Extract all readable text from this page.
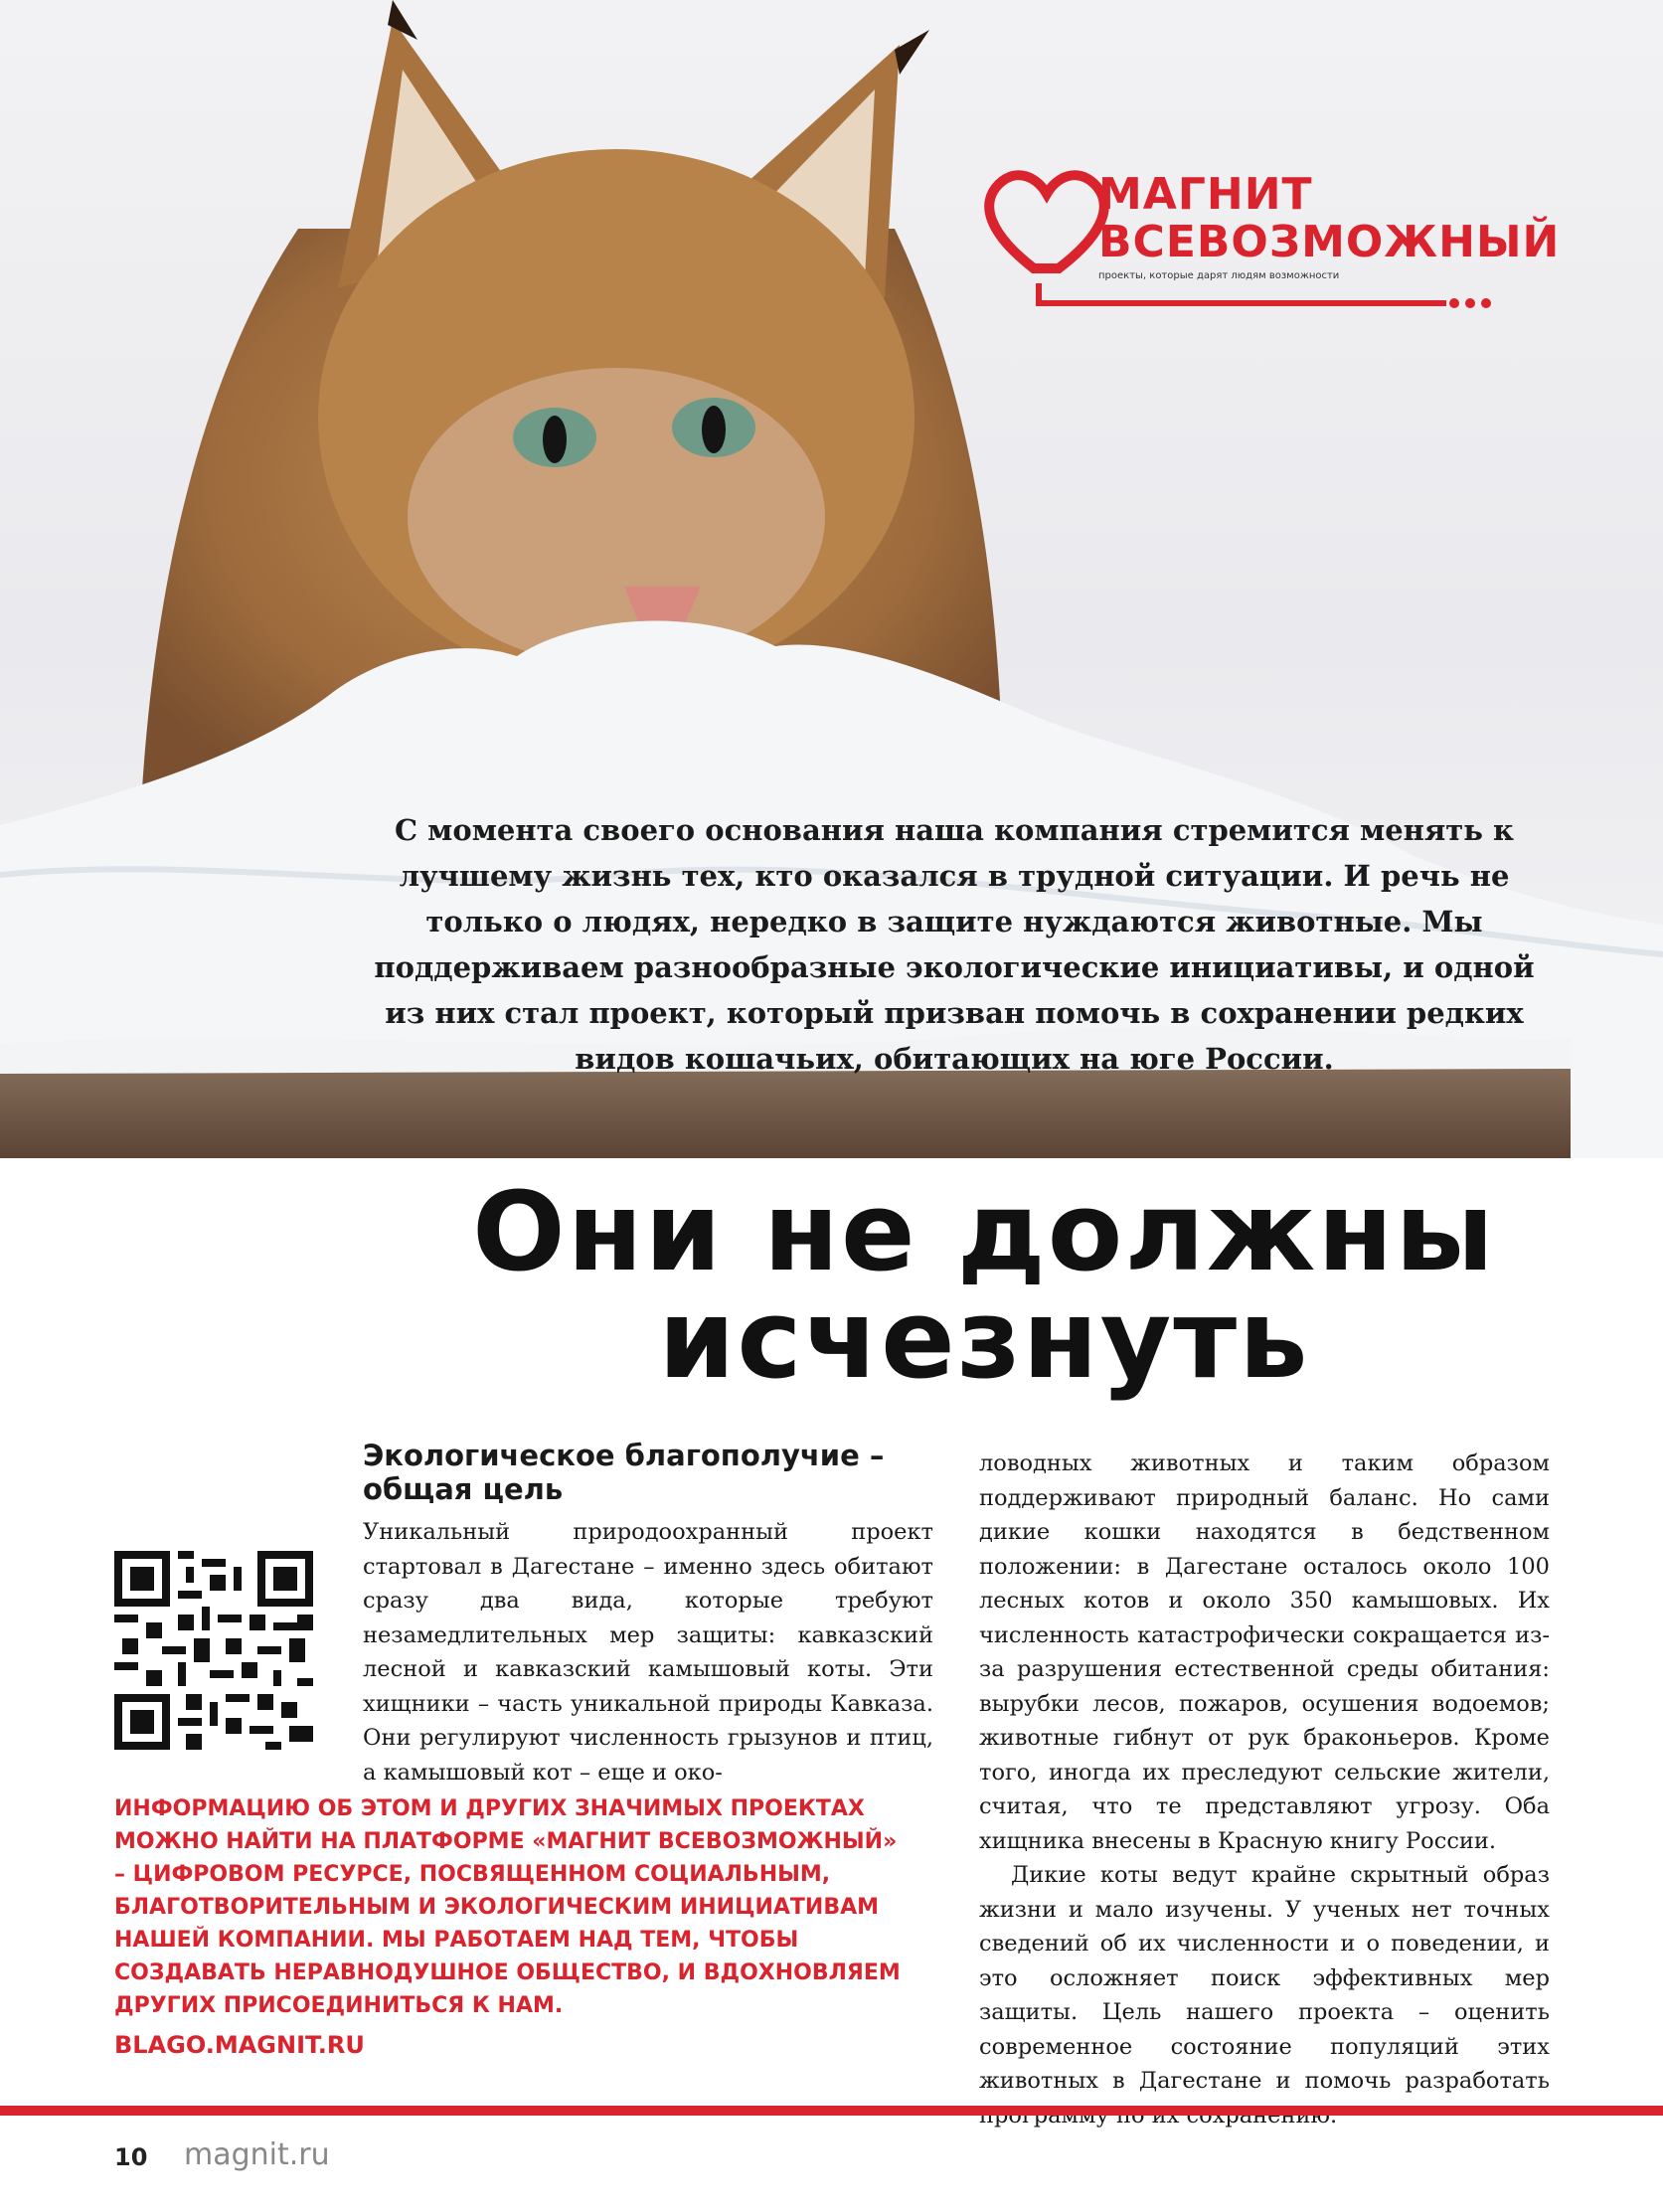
МАГНИТ
ВСЕВОЗМОЖНЫЙ
проекты, которые дарят людям возможности
С момента своего основания наша компания стремится менять к лучшему жизнь тех, кто оказался в трудной ситуации. И речь не только о людях, нередко в защите нуждаются животные. Мы поддерживаем разнообразные экологические инициативы, и одной из них стал проект, который призван помочь в сохранении редких видов кошачьих, обитающих на юге России.
Они не должны
исчезнуть
Экологическое благополучие – общая цель

Уникальный природоохранный проект стартовал в Дагестане – именно здесь обитают сразу два вида, которые требуют незамедлительных мер защиты: кавказский лесной и кавказский камышовый коты. Эти хищники – часть уникальной природы Кавказа. Они регулируют численность грызунов и птиц, а камышовый кот – еще и око-

ловодных животных и таким образом поддерживают природный баланс. Но сами дикие кошки находятся в бедственном положении: в Дагестане осталось около 100 лесных котов и около 350 камышовых. Их численность катастрофически сокращается из-за разрушения естественной среды обитания: вырубки лесов, пожаров, осушения водоемов; животные гибнут от рук браконьеров. Кроме того, иногда их преследуют сельские жители, считая, что те представляют угрозу. Оба хищника внесены в Красную книгу России.

Дикие коты ведут крайне скрытный образ жизни и мало изучены. У ученых нет точных сведений об их численности и о поведении, и это осложняет поиск эффективных мер защиты. Цель нашего проекта – оценить современное состояние популяций этих животных в Дагестане и помочь разработать

ИНФОРМАЦИЮ ОБ ЭТОМ И ДРУГИХ ЗНАЧИМЫХ ПРОЕКТАХ МОЖНО НАЙТИ НА ПЛАТФОРМЕ «МАГНИТ ВСЕВОЗМОЖНЫЙ» – ЦИФРОВОМ РЕСУРСЕ, ПОСВЯЩЕННОМ СОЦИАЛЬНЫМ, БЛАГОТВОРИТЕЛЬНЫМ И ЭКОЛОГИЧЕСКИМ ИНИЦИАТИВАМ НАШЕЙ КОМПАНИИ. МЫ РАБОТАЕМ НАД ТЕМ, ЧТОБЫ СОЗДАВАТЬ НЕРАВНОДУШНОЕ ОБЩЕСТВО, И ВДОХНОВЛЯЕМ ДРУГИХ ПРИСОЕДИНИТЬСЯ К НАМ.
BLAGO.MAGNIT.RU
10 magnit.ru
